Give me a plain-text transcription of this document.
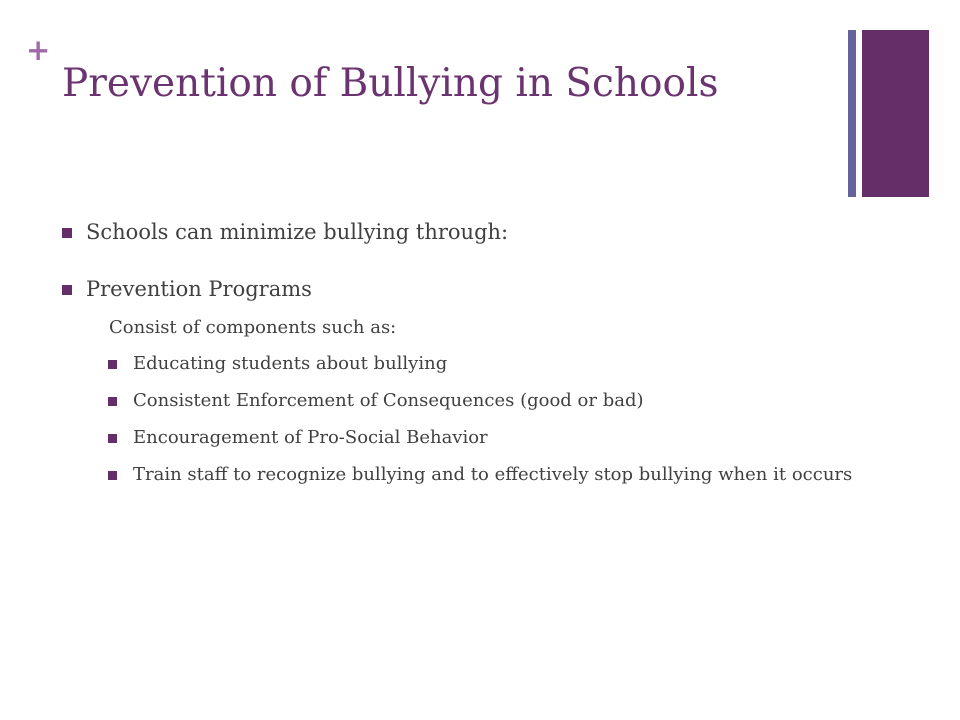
+
Prevention of Bullying in Schools
Schools can minimize bullying through:
Prevention Programs
Consist of components such as:
Educating students about bullying
Consistent Enforcement of Consequences (good or bad)
Encouragement of Pro-Social Behavior
Train staff to recognize bullying and to effectively stop bullying when it occurs
